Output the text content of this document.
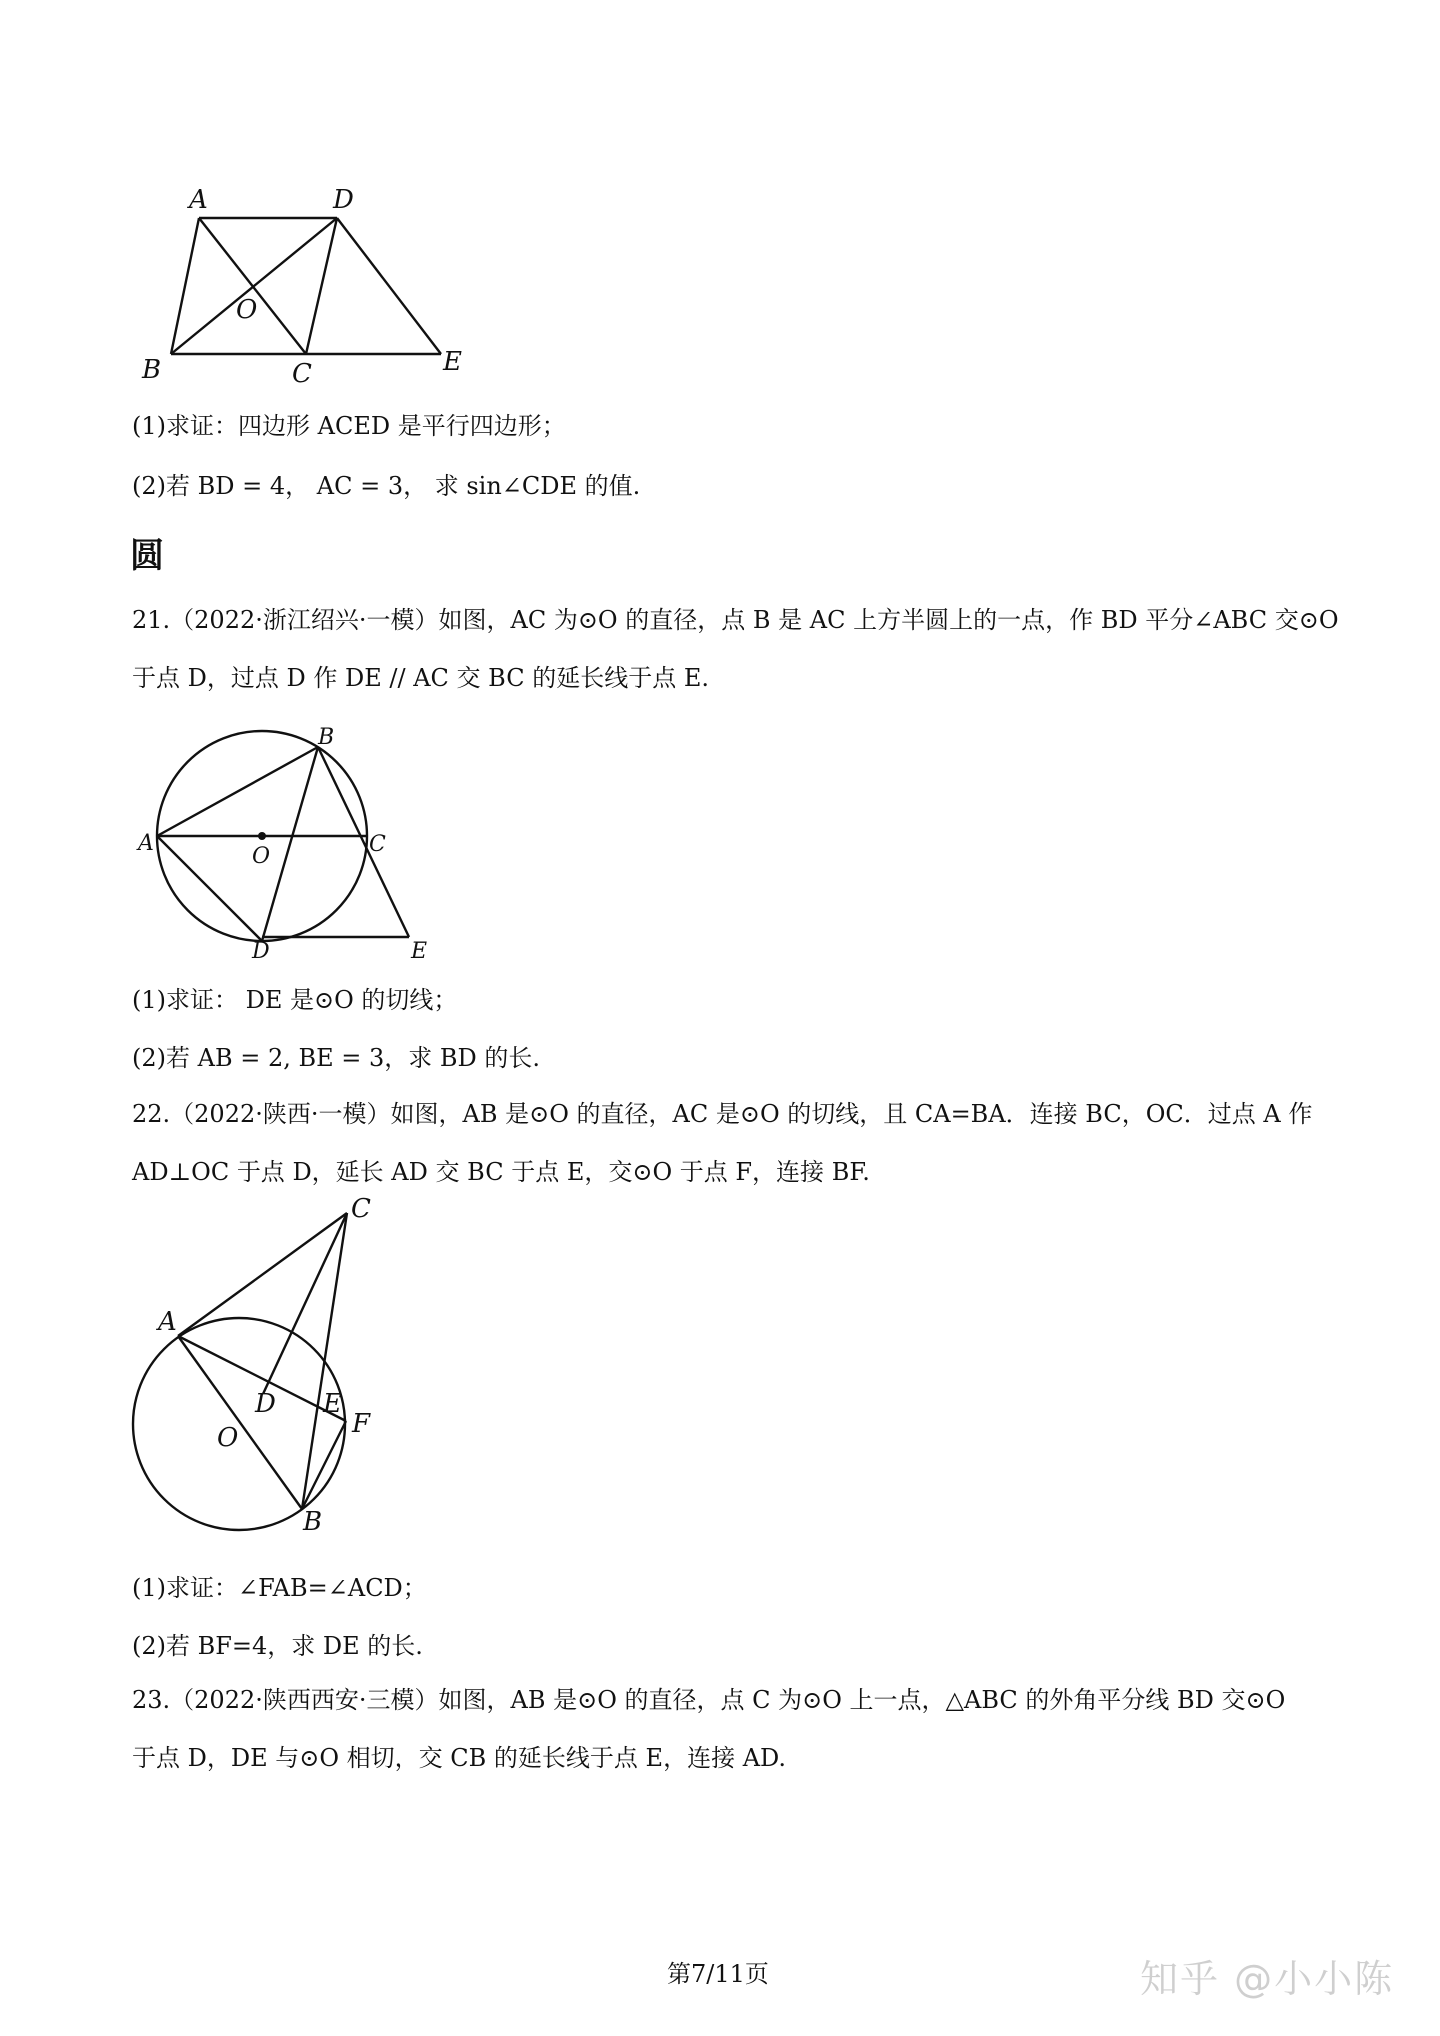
A	D
O
B	C	E
(1)求证：四边形 ACED 是平行四边形；
(2)若 BD = 4， AC = 3， 求 sin∠CDE 的值.
圆
21.（2022·浙江绍兴·一模）如图，AC 为⊙O 的直径，点 B 是 AC 上方半圆上的一点，作 BD 平分∠ABC 交⊙O
于点 D，过点 D 作 DE // AC 交 BC 的延长线于点 E.
B
A
O	C
D	E
(1)求证： DE 是⊙O 的切线；
(2)若 AB = 2, BE = 3，求 BD 的长.
22.（2022·陕西·一模）如图，AB 是⊙O 的直径，AC 是⊙O 的切线，且 CA=BA．连接 BC，OC．过点 A 作
AD⊥OC 于点 D，延长 AD 交 BC 于点 E，交⊙O 于点 F，连接 BF.
A
C
D E
F
O
B
(1)求证：∠FAB=∠ACD；
(2)若 BF=4，求 DE 的长.
23.（2022·陕西西安·三模）如图，AB 是⊙O 的直径，点 C 为⊙O 上一点，△ABC 的外角平分线 BD 交⊙O
于点 D，DE 与⊙O 相切，交 CB 的延长线于点 E，连接 AD.
第7/11页	知乎 @小小陈
